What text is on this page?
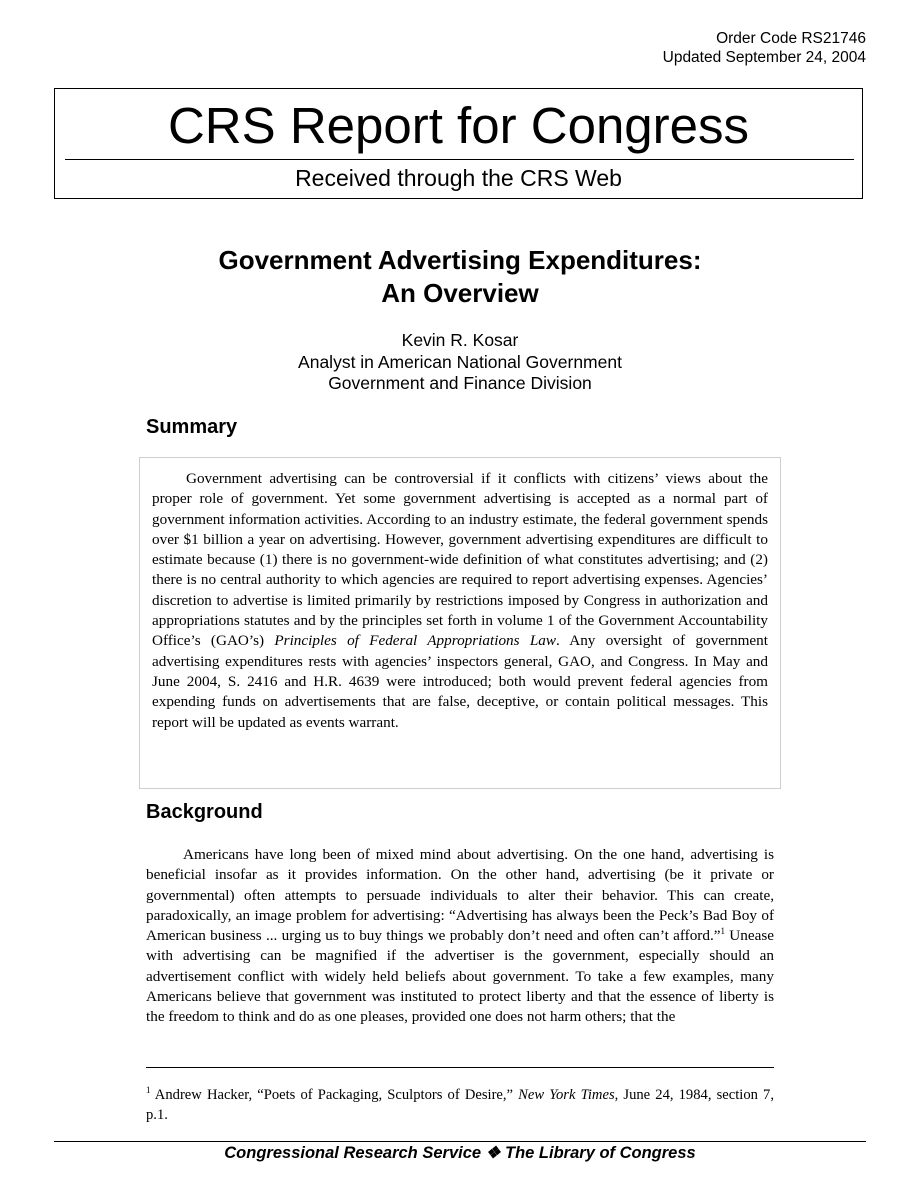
Order Code RS21746
Updated September 24, 2004
CRS Report for Congress
Received through the CRS Web
Government Advertising Expenditures:
An Overview
Kevin R. Kosar
Analyst in American National Government
Government and Finance Division
Summary
Government advertising can be controversial if it conflicts with citizens’ views about the proper role of government. Yet some government advertising is accepted as a normal part of government information activities. According to an industry estimate, the federal government spends over $1 billion a year on advertising. However, government advertising expenditures are difficult to estimate because (1) there is no government-wide definition of what constitutes advertising; and (2) there is no central authority to which agencies are required to report advertising expenses. Agencies’ discretion to advertise is limited primarily by restrictions imposed by Congress in authorization and appropriations statutes and by the principles set forth in volume 1 of the Government Accountability Office’s (GAO’s) Principles of Federal Appropriations Law. Any oversight of government advertising expenditures rests with agencies’ inspectors general, GAO, and Congress. In May and June 2004, S. 2416 and H.R. 4639 were introduced; both would prevent federal agencies from expending funds on advertisements that are false, deceptive, or contain political messages. This report will be updated as events warrant.
Background
Americans have long been of mixed mind about advertising. On the one hand, advertising is beneficial insofar as it provides information. On the other hand, advertising (be it private or governmental) often attempts to persuade individuals to alter their behavior. This can create, paradoxically, an image problem for advertising: “Advertising has always been the Peck’s Bad Boy of American business ... urging us to buy things we probably don’t need and often can’t afford.”$^1$ Unease with advertising can be magnified if the advertiser is the government, especially should an advertisement conflict with widely held beliefs about government. To take a few examples, many Americans believe that government was instituted to protect liberty and that the essence of liberty is the freedom to think and do as one pleases, provided one does not harm others; that the
$^1$ Andrew Hacker, “Poets of Packaging, Sculptors of Desire,” New York Times, June 24, 1984, section 7, p.1.
Congressional Research Service ❖ The Library of Congress
